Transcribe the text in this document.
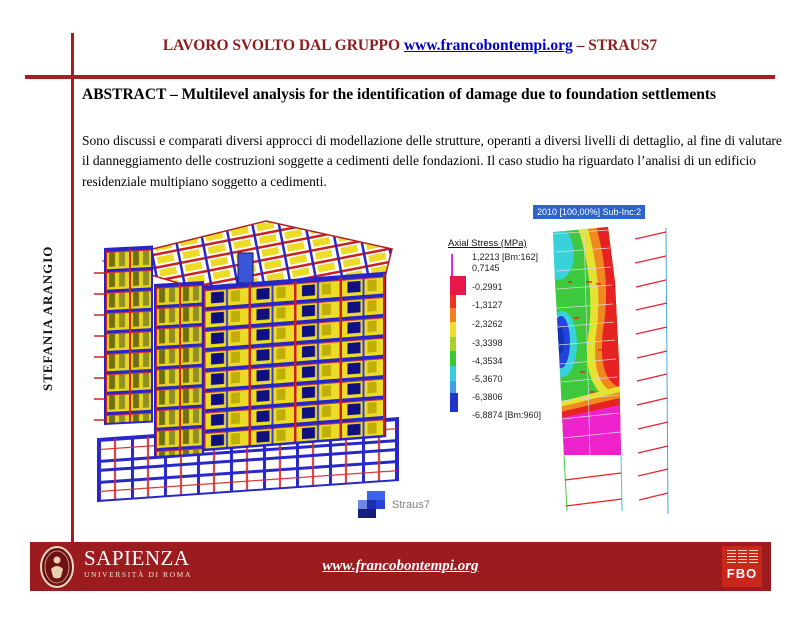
LAVORO SVOLTO DAL GRUPPO www.francobontempi.org – STRAUS7
STEFANIA ARANGIO
ABSTRACT – Multilevel analysis for the identification of damage due to foundation settlements
Sono discussi e comparati diversi approcci di modellazione delle strutture, operanti a diversi livelli di dettaglio, al fine di valutare il danneggiamento delle costruzioni soggette a cedimenti delle fondazioni. Il caso studio ha riguardato l’analisi di un edificio residenziale multipiano soggetto a cedimenti.
Straus7
2010 [100,00%] Sub-Inc:2
Axial Stress (MPa)
1,2213 [Bm:162]
0,7145
-0,2991
-1,3127
-2,3262
-3,3398
-4,3534
-5,3670
-6,3806
-6,8874 [Bm:960]
SAPIENZA
UNIVERSITÀ DI ROMA
www.francobontempi.org	FBO
